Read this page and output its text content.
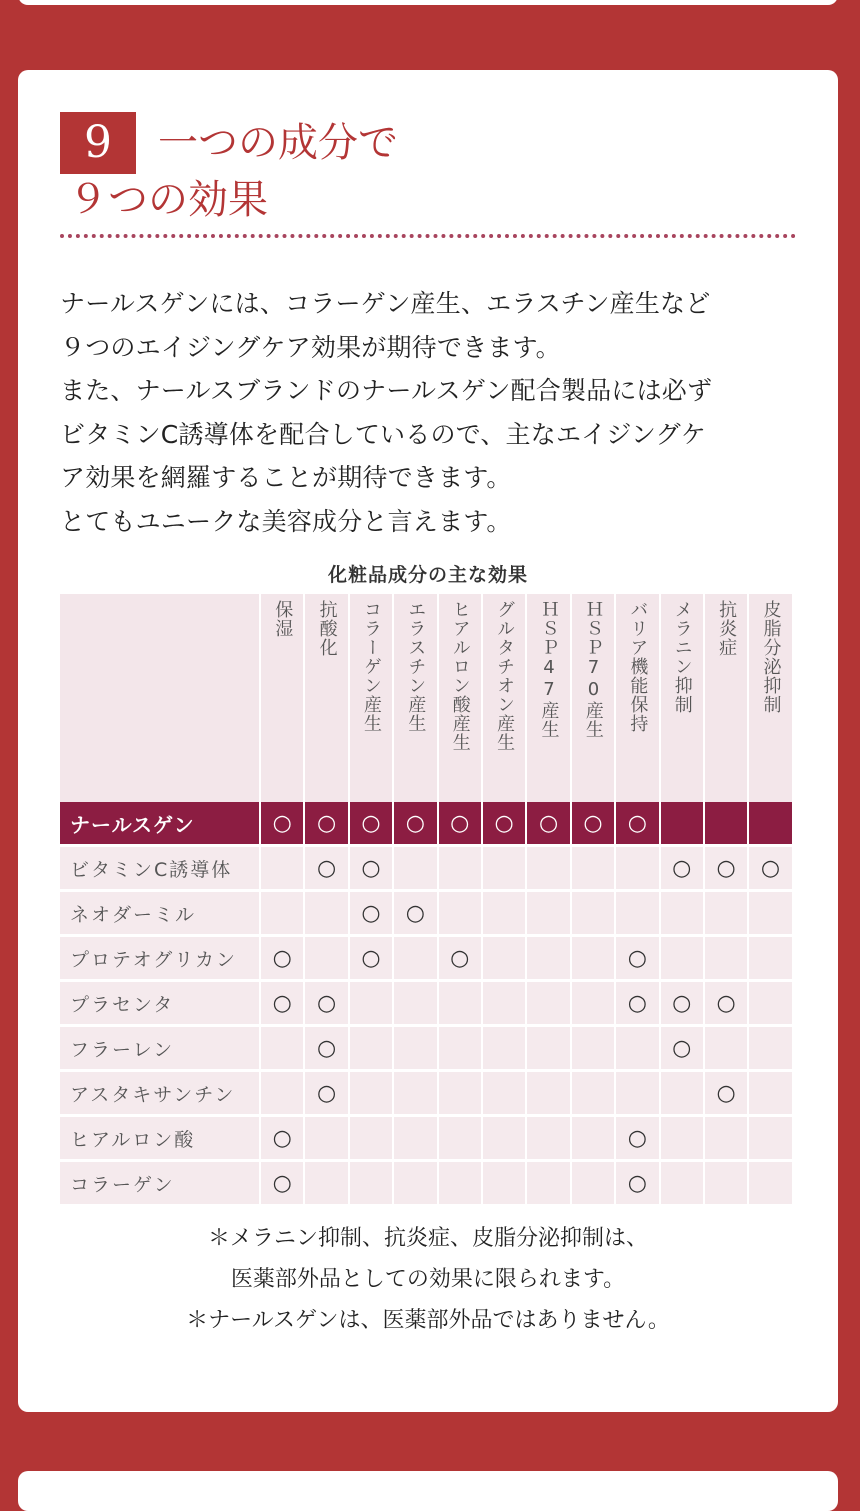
9	一つの成分で
９つの効果
ナールスゲンには、コラーゲン産生、エラスチン産生など
９つのエイジングケア効果が期待できます。
また、ナールスブランドのナールスゲン配合製品には必ず
ビタミンC誘導体を配合しているので、主なエイジングケ
ア効果を網羅することが期待できます。
とてもユニークな美容成分と言えます。
化粧品成分の主な効果

	保湿	抗酸化	コラーゲン産生	エラスチン産生	ヒアルロン酸産生	グルタチオン産生	ＨＳＰ47産生	ＨＳＰ70産生	バリア機能保持	メラニン抑制	抗炎症	皮脂分泌抑制

ナールスゲン	○	○	○	○	○	○	○	○	○			
ビタミンC誘導体		○	○							○	○	○
ネオダーミル			○	○								
プロテオグリカン	○		○		○				○			
プラセンタ	○	○							○	○	○	
フラーレン		○								○		
アスタキサンチン		○									○	
ヒアルロン酸	○								○			
コラーゲン	○								○			
＊メラニン抑制、抗炎症、皮脂分泌抑制は、
医薬部外品としての効果に限られます。
＊ナールスゲンは、医薬部外品ではありません。
